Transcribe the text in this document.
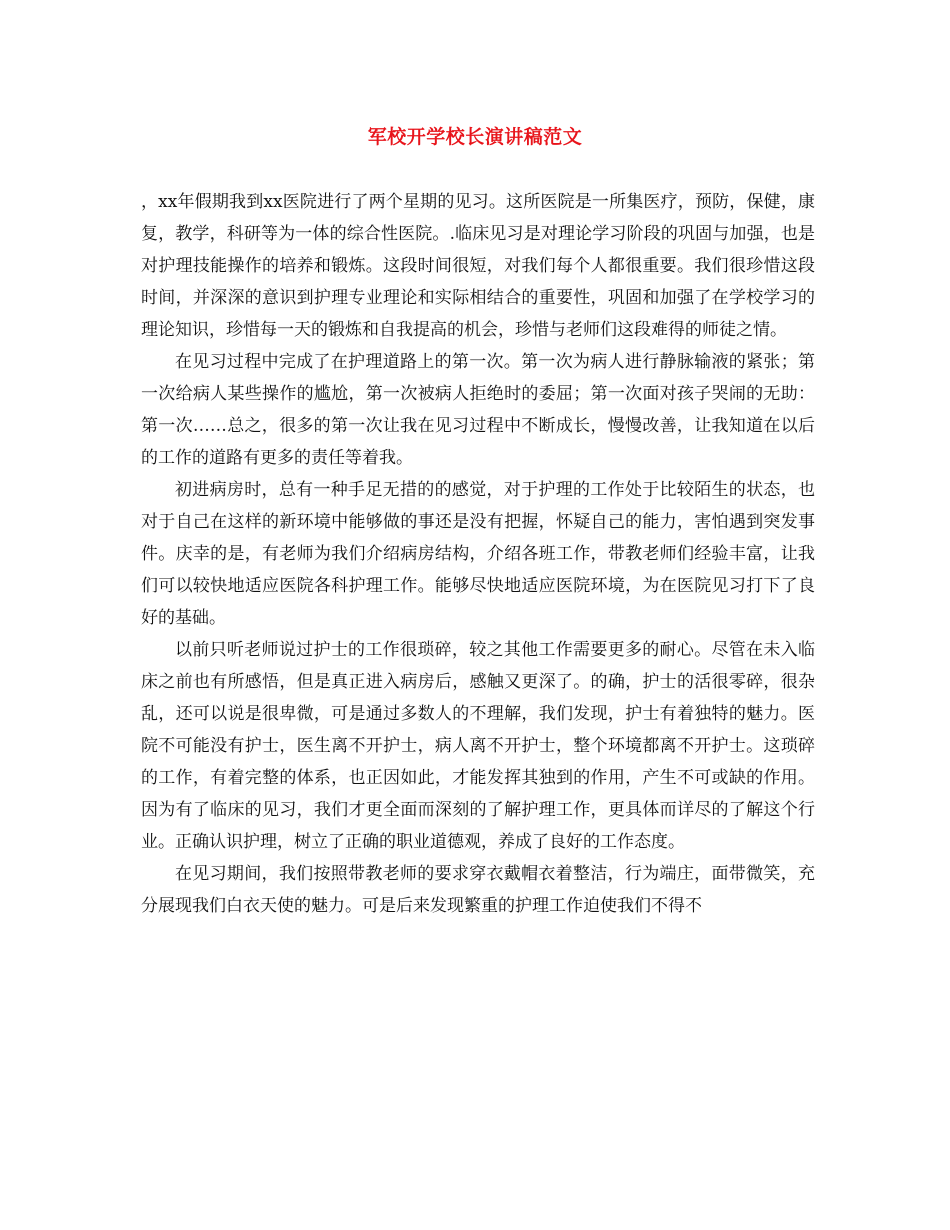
军校开学校长演讲稿范文

，xx年假期我到xx医院进行了两个星期的见习。这所医院是一所集医疗，预防，保健，康复，教学，科研等为一体的综合性医院。.临床见习是对理论学习阶段的巩固与加强，也是对护理技能操作的培养和锻炼。这段时间很短，对我们每个人都很重要。我们很珍惜这段时间，并深深的意识到护理专业理论和实际相结合的重要性，巩固和加强了在学校学习的理论知识，珍惜每一天的锻炼和自我提高的机会，珍惜与老师们这段难得的师徒之情。

在见习过程中完成了在护理道路上的第一次。第一次为病人进行静脉输液的紧张；第一次给病人某些操作的尴尬，第一次被病人拒绝时的委屈；第一次面对孩子哭闹的无助：第一次……总之，很多的第一次让我在见习过程中不断成长，慢慢改善，让我知道在以后的工作的道路有更多的责任等着我。

初进病房时，总有一种手足无措的的感觉，对于护理的工作处于比较陌生的状态，也对于自己在这样的新环境中能够做的事还是没有把握，怀疑自己的能力，害怕遇到突发事件。庆幸的是，有老师为我们介绍病房结构，介绍各班工作，带教老师们经验丰富，让我们可以较快地适应医院各科护理工作。能够尽快地适应医院环境，为在医院见习打下了良好的基础。

以前只听老师说过护士的工作很琐碎，较之其他工作需要更多的耐心。尽管在未入临床之前也有所感悟，但是真正进入病房后，感触又更深了。的确，护士的活很零碎，很杂乱，还可以说是很卑微，可是通过多数人的不理解，我们发现，护士有着独特的魅力。医院不可能没有护士，医生离不开护士，病人离不开护士，整个环境都离不开护士。这琐碎的工作，有着完整的体系，也正因如此，才能发挥其独到的作用，产生不可或缺的作用。因为有了临床的见习，我们才更全面而深刻的了解护理工作，更具体而详尽的了解这个行业。正确认识护理，树立了正确的职业道德观，养成了良好的工作态度。

在见习期间，我们按照带教老师的要求穿衣戴帽衣着整洁，行为端庄，面带微笑，充分展现我们白衣天使的魅力。可是后来发现繁重的护理工作迫使我们不得不
